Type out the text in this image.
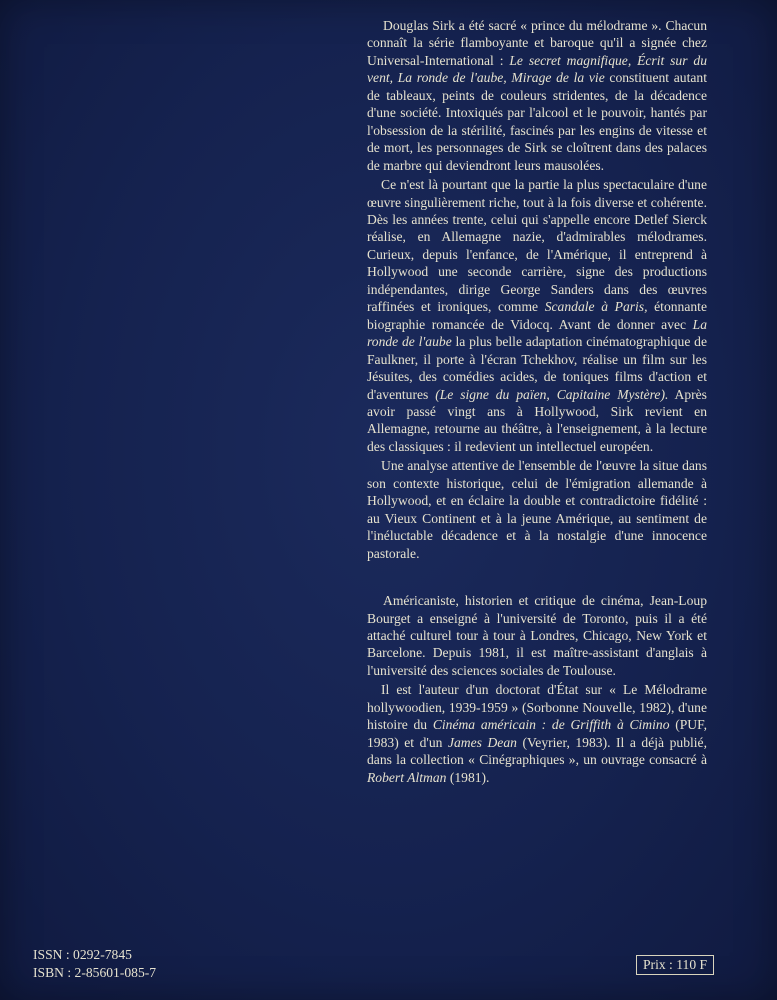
Douglas Sirk a été sacré « prince du mélodrame ». Chacun connaît la série flamboyante et baroque qu'il a signée chez Universal-International : Le secret magnifique, Écrit sur du vent, La ronde de l'aube, Mirage de la vie constituent autant de tableaux, peints de couleurs stridentes, de la décadence d'une société. Intoxiqués par l'alcool et le pouvoir, hantés par l'obsession de la stérilité, fascinés par les engins de vitesse et de mort, les personnages de Sirk se cloîtrent dans des palaces de marbre qui deviendront leurs mausolées.

Ce n'est là pourtant que la partie la plus spectaculaire d'une œuvre singulièrement riche, tout à la fois diverse et cohérente. Dès les années trente, celui qui s'appelle encore Detlef Sierck réalise, en Allemagne nazie, d'admirables mélodrames. Curieux, depuis l'enfance, de l'Amérique, il entreprend à Hollywood une seconde carrière, signe des productions indépendantes, dirige George Sanders dans des œuvres raffinées et ironiques, comme Scandale à Paris, étonnante biographie romancée de Vidocq. Avant de donner avec La ronde de l'aube la plus belle adaptation cinématographique de Faulkner, il porte à l'écran Tchekhov, réalise un film sur les Jésuites, des comédies acides, de toniques films d'action et d'aventures (Le signe du païen, Capitaine Mystère). Après avoir passé vingt ans à Hollywood, Sirk revient en Allemagne, retourne au théâtre, à l'enseignement, à la lecture des classiques : il redevient un intellectuel européen.

Une analyse attentive de l'ensemble de l'œuvre la situe dans son contexte historique, celui de l'émigration allemande à Hollywood, et en éclaire la double et contradictoire fidélité : au Vieux Continent et à la jeune Amérique, au sentiment de l'inéluctable décadence et à la nostalgie d'une innocence pastorale.

Américaniste, historien et critique de cinéma, Jean-Loup Bourget a enseigné à l'université de Toronto, puis il a été attaché culturel tour à tour à Londres, Chicago, New York et Barcelone. Depuis 1981, il est maître-assistant d'anglais à l'université des sciences sociales de Toulouse.

Il est l'auteur d'un doctorat d'État sur « Le Mélodrame hollywoodien, 1939-1959 » (Sorbonne Nouvelle, 1982), d'une histoire du Cinéma américain : de Griffith à Cimino (PUF, 1983) et d'un James Dean (Veyrier, 1983). Il a déjà publié, dans la collection « Cinégraphiques », un ouvrage consacré à Robert Altman (1981).

ISSN : 0292-7845
ISBN : 2-85601-085-7
Prix : 110 F
